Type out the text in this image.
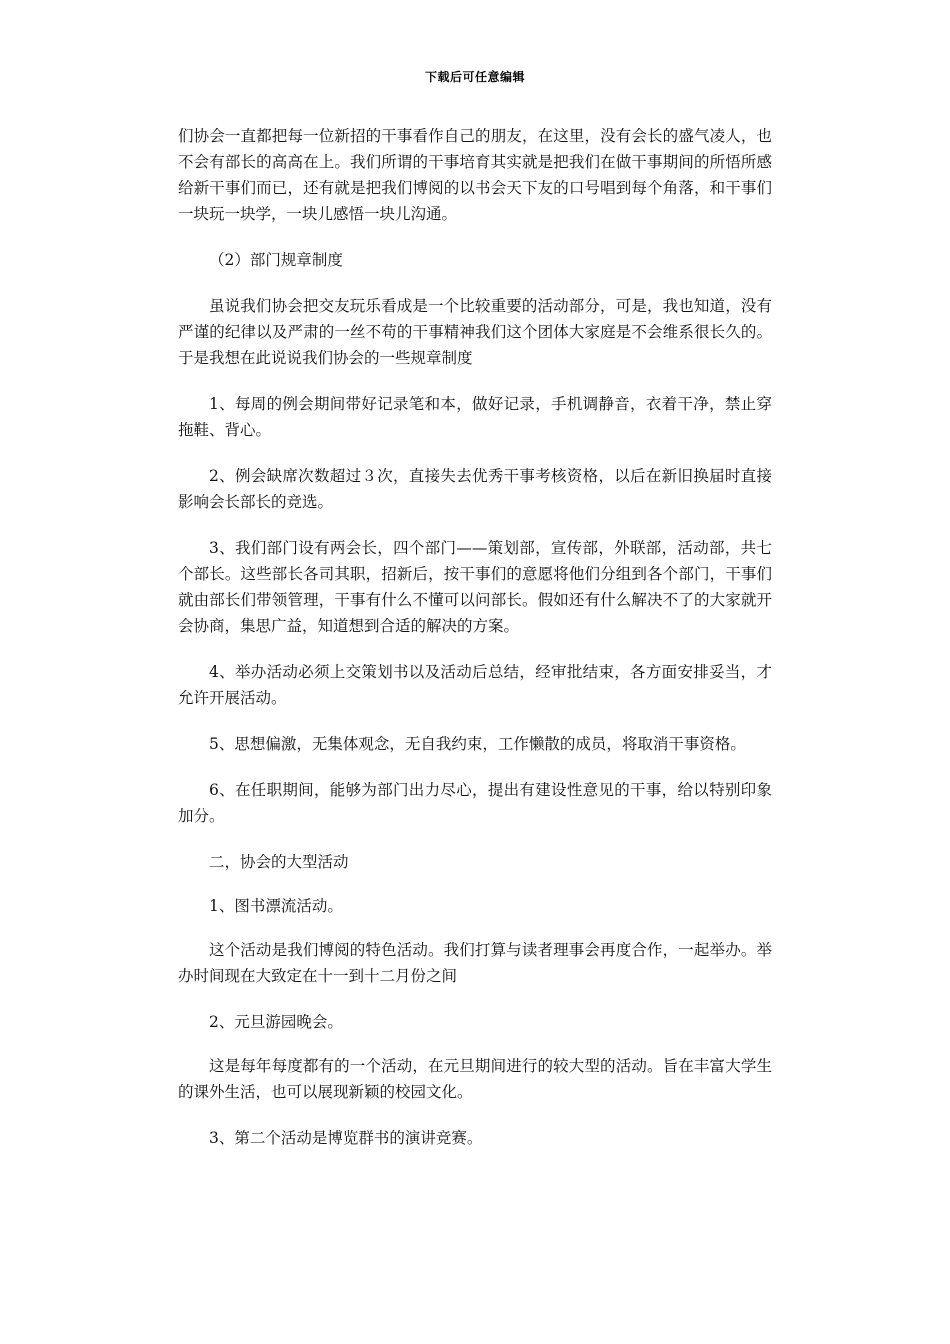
下载后可任意编辑

们协会一直都把每一位新招的干事看作自己的朋友，在这里，没有会长的盛气凌人，也不会有部长的高高在上。我们所谓的干事培育其实就是把我们在做干事期间的所悟所感给新干事们而已，还有就是把我们博阅的以书会天下友的口号唱到每个角落，和干事们一块玩一块学，一块儿感悟一块儿沟通。

（2）部门规章制度

虽说我们协会把交友玩乐看成是一个比较重要的活动部分，可是，我也知道，没有严谨的纪律以及严肃的一丝不苟的干事精神我们这个团体大家庭是不会维系很长久的。于是我想在此说说我们协会的一些规章制度

1、每周的例会期间带好记录笔和本，做好记录，手机调静音，衣着干净，禁止穿拖鞋、背心。

2、例会缺席次数超过３次，直接失去优秀干事考核资格，以后在新旧换届时直接影响会长部长的竞选。

3、我们部门设有两会长，四个部门——策划部，宣传部，外联部，活动部，共七个部长。这些部长各司其职，招新后，按干事们的意愿将他们分组到各个部门，干事们就由部长们带领管理，干事有什么不懂可以问部长。假如还有什么解决不了的大家就开会协商，集思广益，知道想到合适的解决的方案。

4、举办活动必须上交策划书以及活动后总结，经审批结束，各方面安排妥当，才允许开展活动。

5、思想偏激，无集体观念，无自我约束，工作懒散的成员，将取消干事资格。

6、在任职期间，能够为部门出力尽心，提出有建设性意见的干事，给以特别印象加分。

二，协会的大型活动

1、图书漂流活动。

这个活动是我们博阅的特色活动。我们打算与读者理事会再度合作，一起举办。举办时间现在大致定在十一到十二月份之间

2、元旦游园晚会。

这是每年每度都有的一个活动，在元旦期间进行的较大型的活动。旨在丰富大学生的课外生活，也可以展现新颖的校园文化。

3、第二个活动是博览群书的演讲竞赛。
